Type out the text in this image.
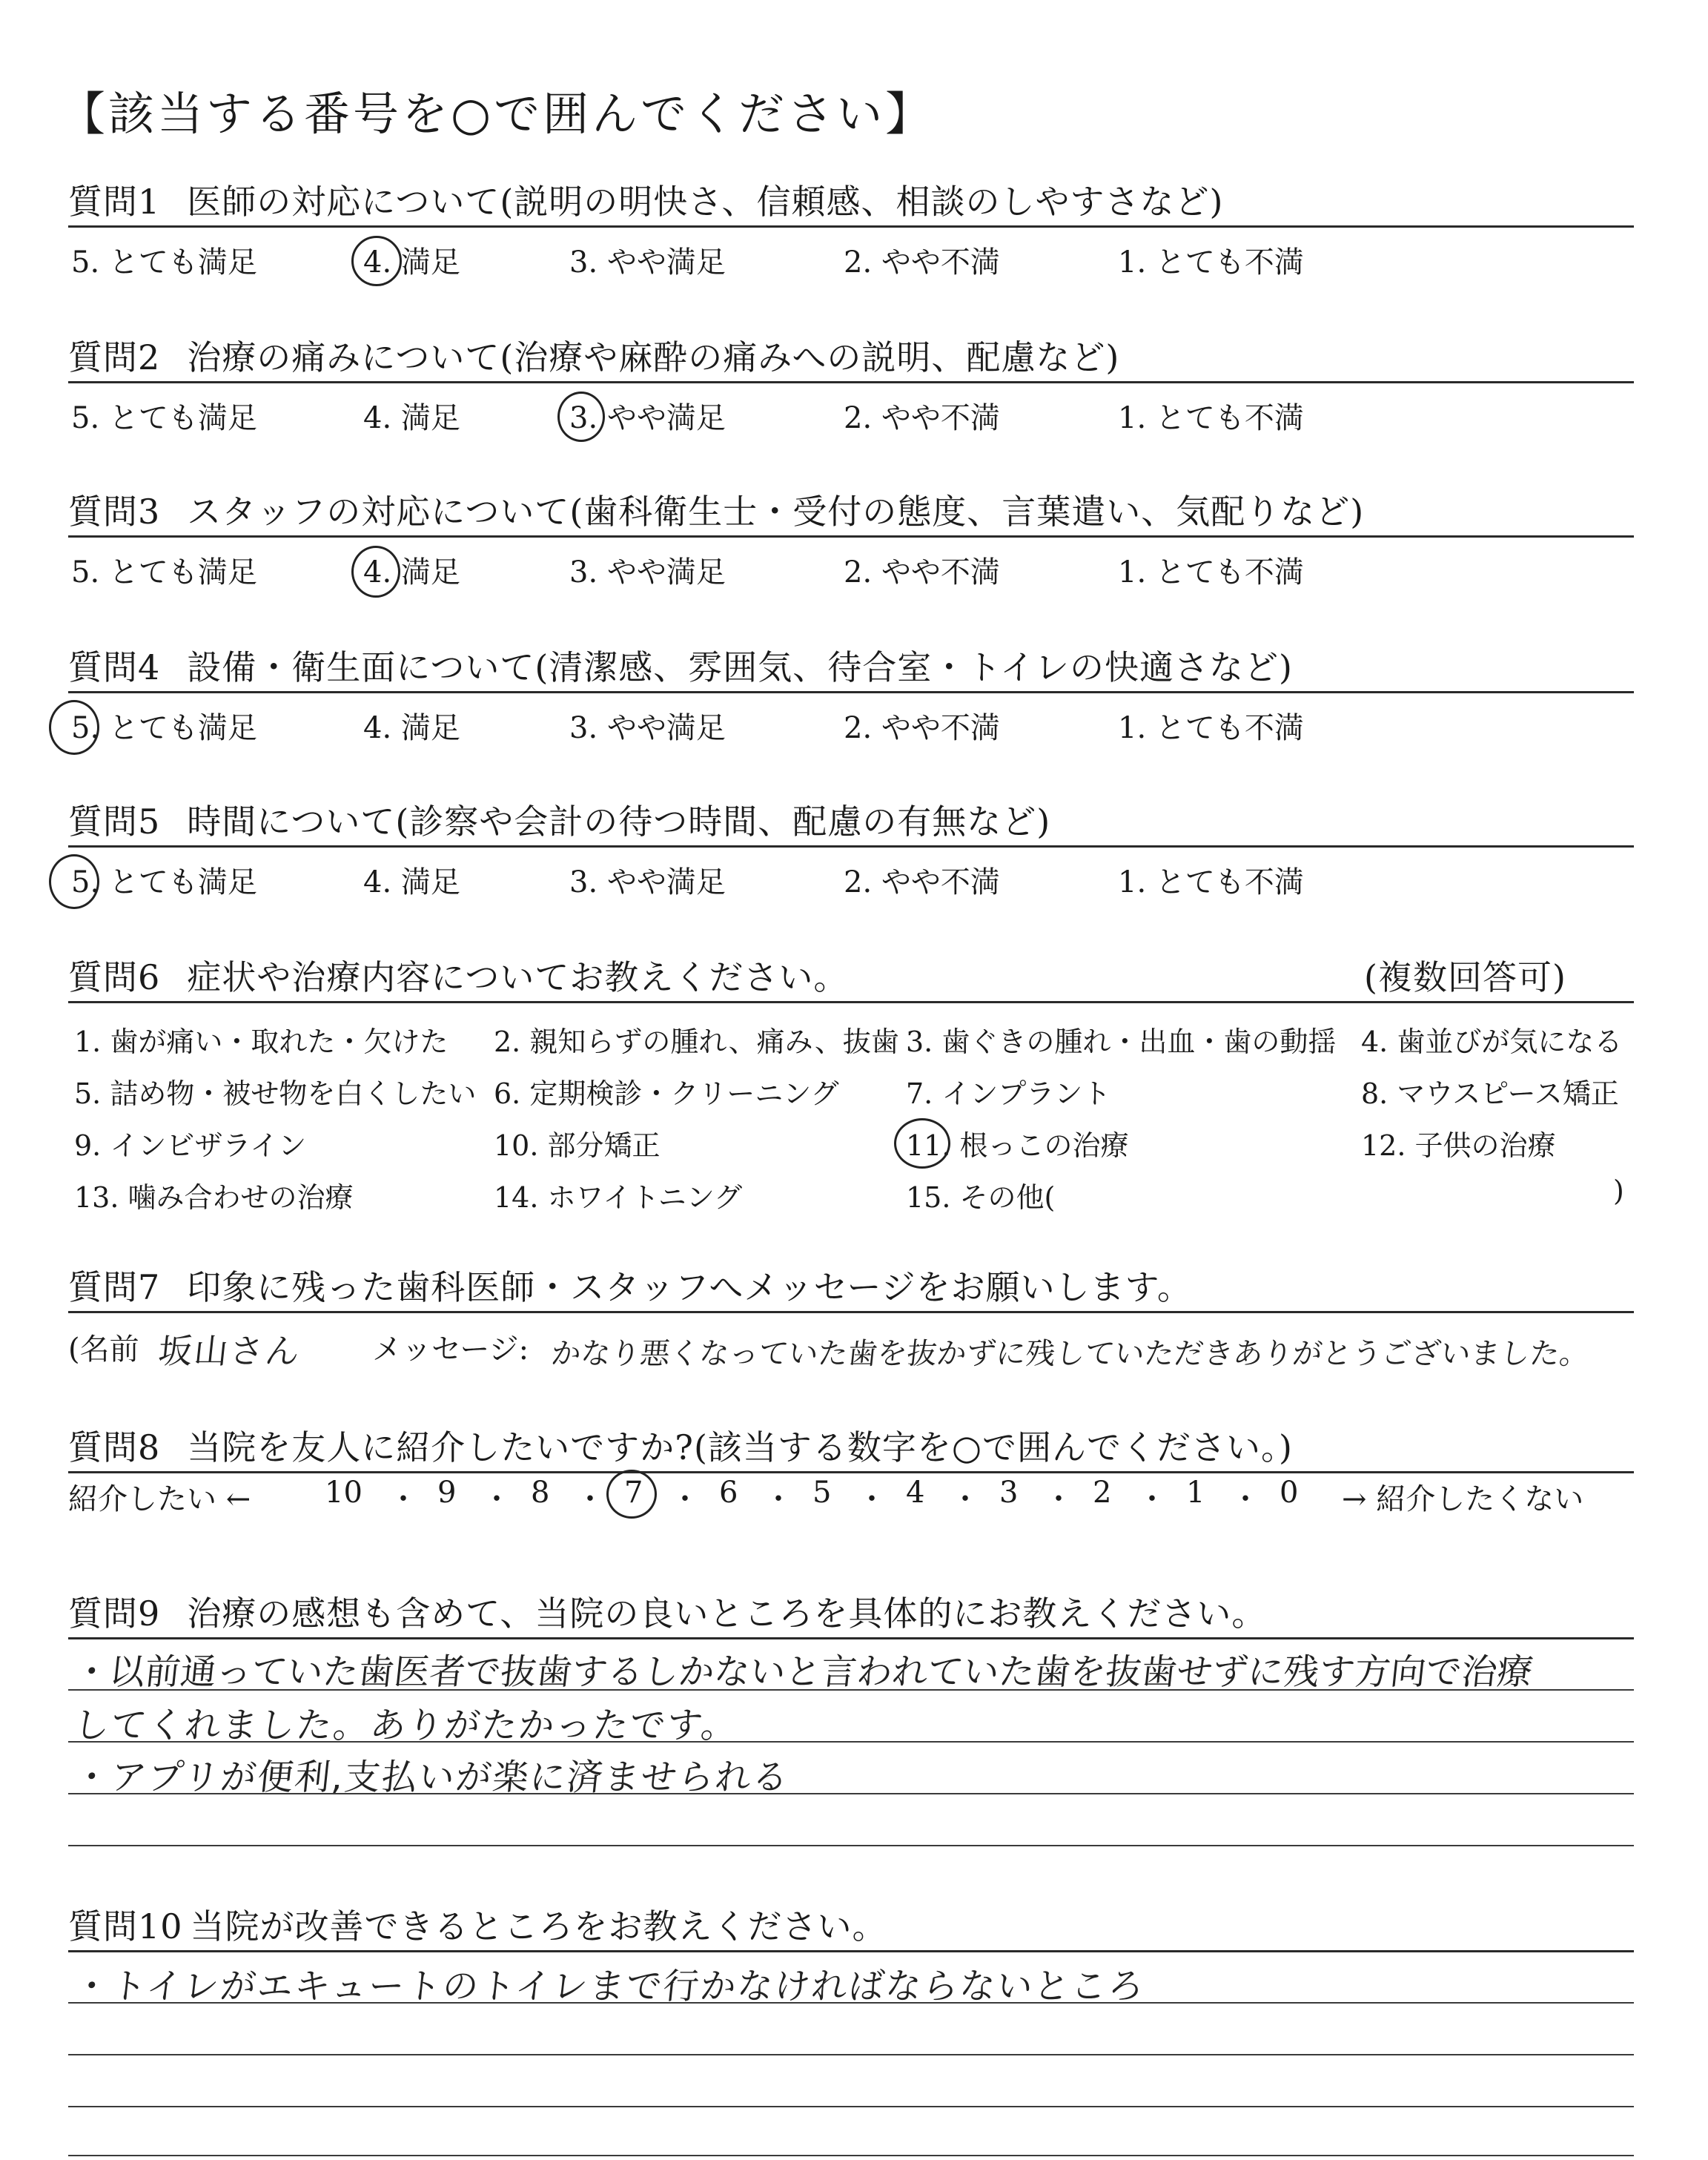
【該当する番号を○で囲んでください】
質問1 医師の対応について(説明の明快さ、信頼感、相談のしやすさなど)
5. とても満足	4. 満足	3. やや満足	2. やや不満	1. とても不満
質問2 治療の痛みについて(治療や麻酔の痛みへの説明、配慮など)
5. とても満足	4. 満足	3. やや満足	2. やや不満	1. とても不満
質問3 スタッフの対応について(歯科衛生士・受付の態度、言葉遣い、気配りなど)
5. とても満足	4. 満足	3. やや満足	2. やや不満	1. とても不満
質問4 設備・衛生面について(清潔感、雰囲気、待合室・トイレの快適さなど)
5. とても満足	4. 満足	3. やや満足	2. やや不満	1. とても不満
質問5 時間について(診察や会計の待つ時間、配慮の有無など)
5. とても満足	4. 満足	3. やや満足	2. やや不満	1. とても不満
質問6 症状や治療内容についてお教えください。	(複数回答可)
1. 歯が痛い・取れた・欠けた 2. 親知らずの腫れ、痛み、抜歯 3. 歯ぐきの腫れ・出血・歯の動揺 4. 歯並びが気になる
5. 詰め物・被せ物を白くしたい 6. 定期検診・クリーニング 7. インプラント	8. マウスピース矯正
9. インビザライン	10. 部分矯正	11. 根っこの治療	12. 子供の治療
13. 噛み合わせの治療	14. ホワイトニング	15. その他(	)
質問7 印象に残った歯科医師・スタッフへメッセージをお願いします。
(名前 坂山さん メッセージ: かなり悪くなっていた歯を抜かずに残していただきありがとうございました。
質問8 当院を友人に紹介したいですか?(該当する数字を○で囲んでください。)
紹介したい ← 10 ・ 9 ・ 8 ・ 7 ・ 6 ・ 5 ・ 4 ・ 3 ・ 2 ・ 1 ・ 0 → 紹介したくない
質問9 治療の感想も含めて、当院の良いところを具体的にお教えください。
・以前通っていた歯医者で抜歯するしかないと言われていた歯を抜歯せずに残す方向で治療
してくれました。ありがたかったです。
・アプリが便利,支払いが楽に済ませられる
質問10 当院が改善できるところをお教えください。
・トイレがエキュートのトイレまで行かなければならないところ
